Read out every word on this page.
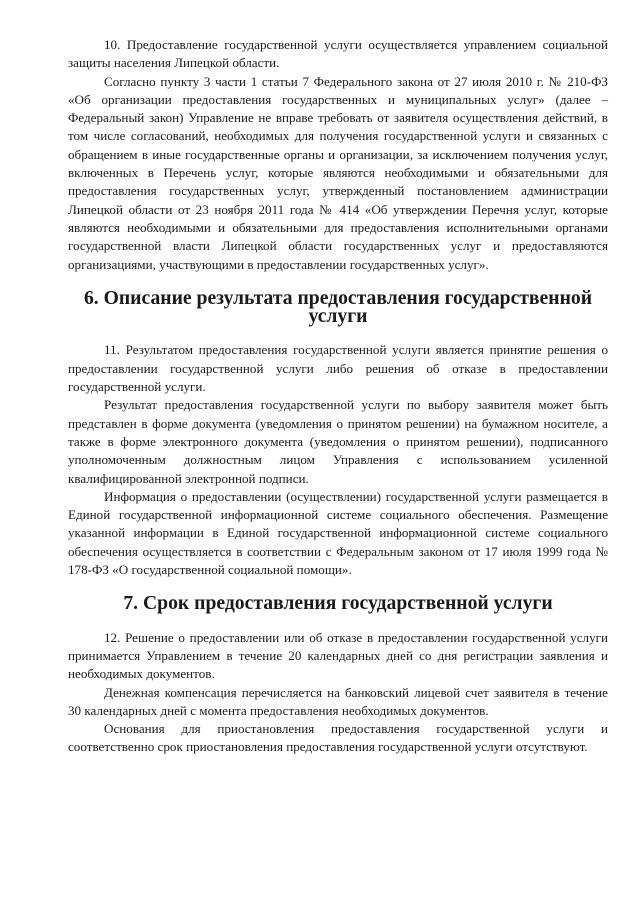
10. Предоставление государственной услуги осуществляется управлением социальной защиты населения Липецкой области.

Согласно пункту 3 части 1 статьи 7 Федерального закона от 27 июля 2010 г. № 210-ФЗ «Об организации предоставления государственных и муниципальных услуг» (далее – Федеральный закон) Управление не вправе требовать от заявителя осуществления действий, в том числе согласований, необходимых для получения государственной услуги и связанных с обращением в иные государственные органы и организации, за исключением получения услуг, включенных в Перечень услуг, которые являются необходимыми и обязательными для предоставления государственных услуг, утвержденный постановлением администрации Липецкой области от 23 ноября 2011 года № 414 «Об утверждении Перечня услуг, которые являются необходимыми и обязательными для предоставления исполнительными органами государственной власти Липецкой области государственных услуг и предоставляются организациями, участвующими в предоставлении государственных услуг».

6. Описание результата предоставления государственной услуги

11. Результатом предоставления государственной услуги является принятие решения о предоставлении государственной услуги либо решения об отказе в предоставлении государственной услуги.

Результат предоставления государственной услуги по выбору заявителя может быть представлен в форме документа (уведомления о принятом решении) на бумажном носителе, а также в форме электронного документа (уведомления о принятом решении), подписанного уполномоченным должностным лицом Управления с использованием усиленной квалифицированной электронной подписи.

Информация о предоставлении (осуществлении) государственной услуги размещается в Единой государственной информационной системе социального обеспечения. Размещение указанной информации в Единой государственной информационной системе социального обеспечения осуществляется в соответствии с Федеральным законом от 17 июля 1999 года № 178-ФЗ «О государственной социальной помощи».

7. Срок предоставления государственной услуги

12. Решение о предоставлении или об отказе в предоставлении государственной услуги принимается Управлением в течение 20 календарных дней со дня регистрации заявления и необходимых документов.

Денежная компенсация перечисляется на банковский лицевой счет заявителя в течение 30 календарных дней с момента предоставления необходимых документов.

Основания для приостановления предоставления государственной услуги и соответственно срок приостановления предоставления государственной услуги отсутствуют.
